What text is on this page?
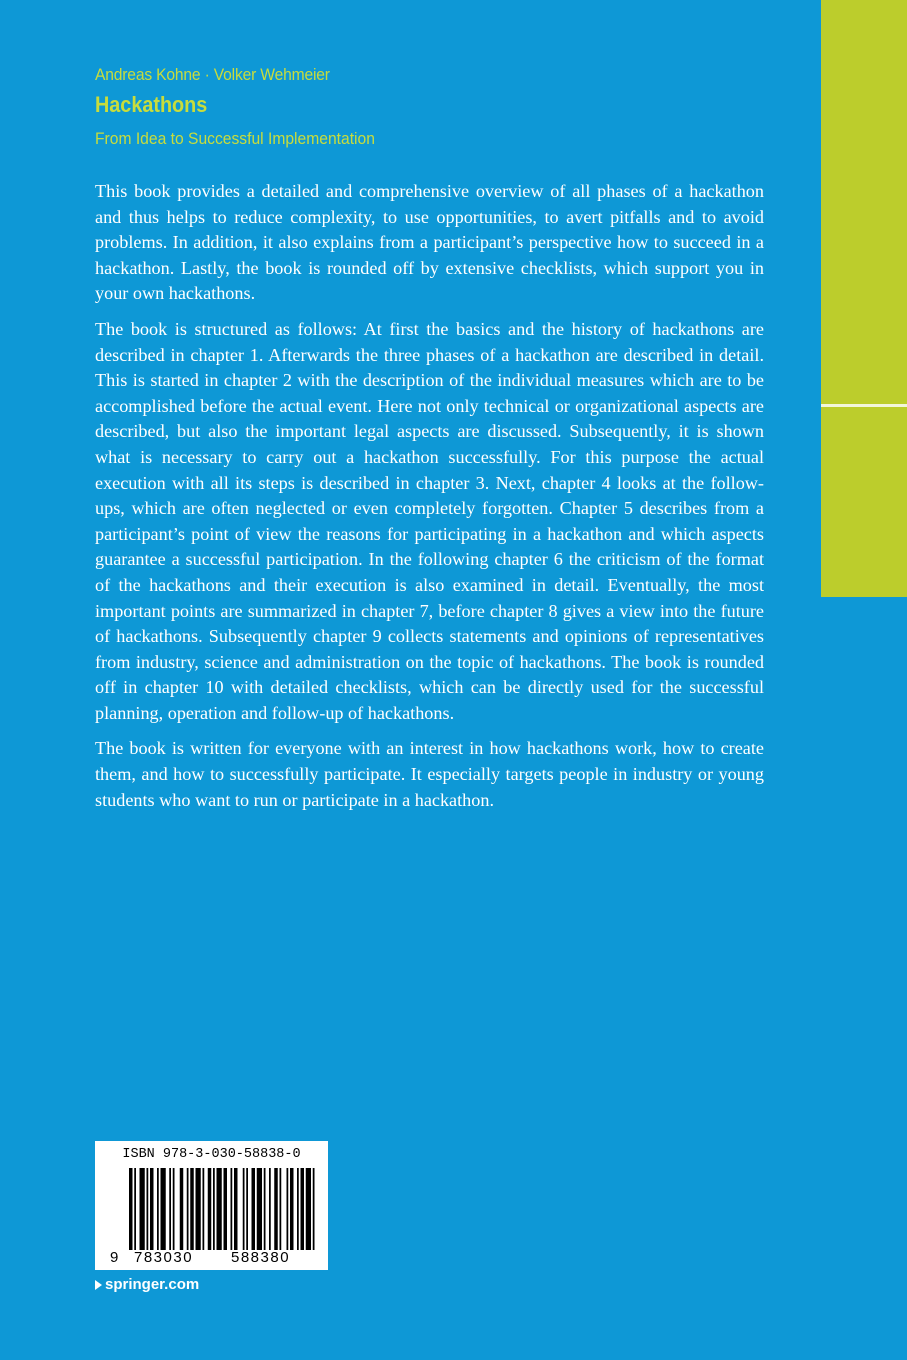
Andreas Kohne · Volker Wehmeier
Hackathons
From Idea to Successful Implementation

This book provides a detailed and comprehensive overview of all phases of a hackathon and thus helps to reduce complexity, to use opportunities, to avert pitfalls and to avoid problems. In addition, it also explains from a participant’s perspective how to succeed in a hackathon. Lastly, the book is rounded off by extensive checklists, which support you in your own hackathons.

The book is structured as follows: At first the basics and the history of hackathons are described in chapter 1. Afterwards the three phases of a hackathon are described in detail. This is started in chapter 2 with the description of the individual measures which are to be accomplished before the actual event. Here not only technical or organizational aspects are described, but also the important legal aspects are discussed. Subsequently, it is shown what is necessary to carry out a hackathon successfully. For this purpose the actual execution with all its steps is described in chapter 3. Next, chapter 4 looks at the follow-ups, which are often neglected or even completely forgotten. Chapter 5 describes from a participant’s point of view the reasons for participating in a hackathon and which aspects guarantee a successful participation. In the following chapter 6 the criticism of the format of the hackathons and their execution is also examined in detail. Eventually, the most important points are summarized in chapter 7, before chapter 8 gives a view into the future of hackathons. Subsequently chapter 9 collects statements and opinions of representatives from industry, science and administration on the topic of hackathons. The book is rounded off in chapter 10 with detailed checklists, which can be directly used for the successful planning, operation and follow-up of hackathons.

The book is written for everyone with an interest in how hackathons work, how to create them, and how to successfully participate. It especially targets people in industry or young students who want to run or participate in a hackathon.

ISBN 978-3-030-58838-0
9 783030	588380
springer.com
